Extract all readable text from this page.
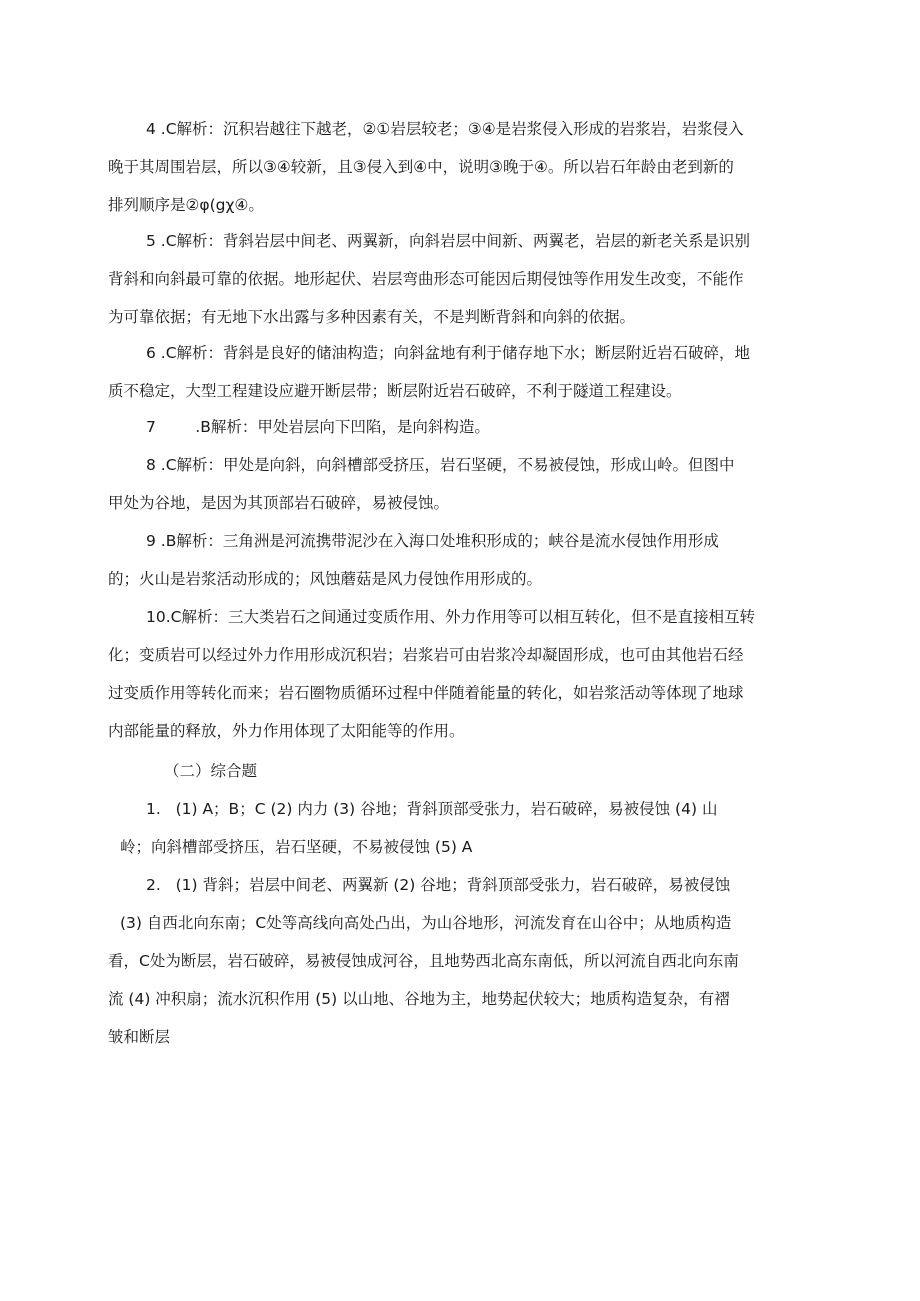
4 .C解析：沉积岩越往下越老，②①岩层较老；③④是岩浆侵入形成的岩浆岩，岩浆侵入
晚于其周围岩层，所以③④较新，且③侵入到④中，说明③晚于④。所以岩石年龄由老到新的
排列顺序是②φ(gχ④。
5 .C解析：背斜岩层中间老、两翼新，向斜岩层中间新、两翼老，岩层的新老关系是识别
背斜和向斜最可靠的依据。地形起伏、岩层弯曲形态可能因后期侵蚀等作用发生改变，不能作
为可靠依据；有无地下水出露与多种因素有关，不是判断背斜和向斜的依据。
6 .C解析：背斜是良好的储油构造；向斜盆地有利于储存地下水；断层附近岩石破碎，地
质不稳定，大型工程建设应避开断层带；断层附近岩石破碎，不利于隧道工程建设。
7        .B解析：甲处岩层向下凹陷，是向斜构造。
8 .C解析：甲处是向斜，向斜槽部受挤压，岩石坚硬，不易被侵蚀，形成山岭。但图中
甲处为谷地，是因为其顶部岩石破碎，易被侵蚀。
9 .B解析：三角洲是河流携带泥沙在入海口处堆积形成的；峡谷是流水侵蚀作用形成
的；火山是岩浆活动形成的；风蚀蘑菇是风力侵蚀作用形成的。
10.C解析：三大类岩石之间通过变质作用、外力作用等可以相互转化，但不是直接相互转
化；变质岩可以经过外力作用形成沉积岩；岩浆岩可由岩浆冷却凝固形成，也可由其他岩石经
过变质作用等转化而来；岩石圈物质循环过程中伴随着能量的转化，如岩浆活动等体现了地球
内部能量的释放，外力作用体现了太阳能等的作用。
（二）综合题
1.   (1) A；B；C (2) 内力 (3) 谷地；背斜顶部受张力，岩石破碎，易被侵蚀 (4) 山
岭；向斜槽部受挤压，岩石坚硬，不易被侵蚀 (5) A
2.   (1) 背斜；岩层中间老、两翼新 (2) 谷地；背斜顶部受张力，岩石破碎，易被侵蚀
(3) 自西北向东南；C处等高线向高处凸出，为山谷地形，河流发育在山谷中；从地质构造
看，C处为断层，岩石破碎，易被侵蚀成河谷，且地势西北高东南低，所以河流自西北向东南
流 (4) 冲积扇；流水沉积作用 (5) 以山地、谷地为主，地势起伏较大；地质构造复杂，有褶
皱和断层
